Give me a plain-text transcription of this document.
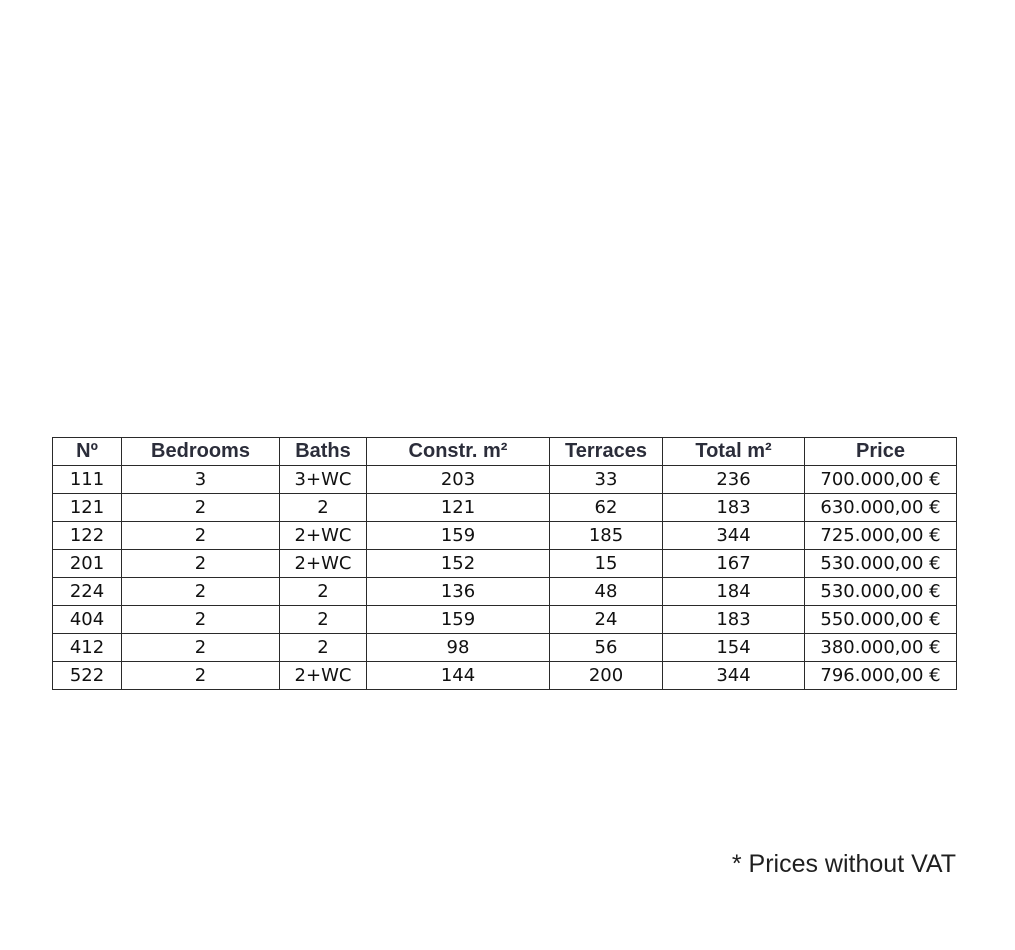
Nº	Bedrooms	Baths	Constr. m²	Terraces	Total m²	Price
111	3	3+WC	203	33	236	700.000,00 €
121	2	2	121	62	183	630.000,00 €
122	2	2+WC	159	185	344	725.000,00 €
201	2	2+WC	152	15	167	530.000,00 €
224	2	2	136	48	184	530.000,00 €
404	2	2	159	24	183	550.000,00 €
412	2	2	98	56	154	380.000,00 €
522	2	2+WC	144	200	344	796.000,00 €
* Prices without VAT
